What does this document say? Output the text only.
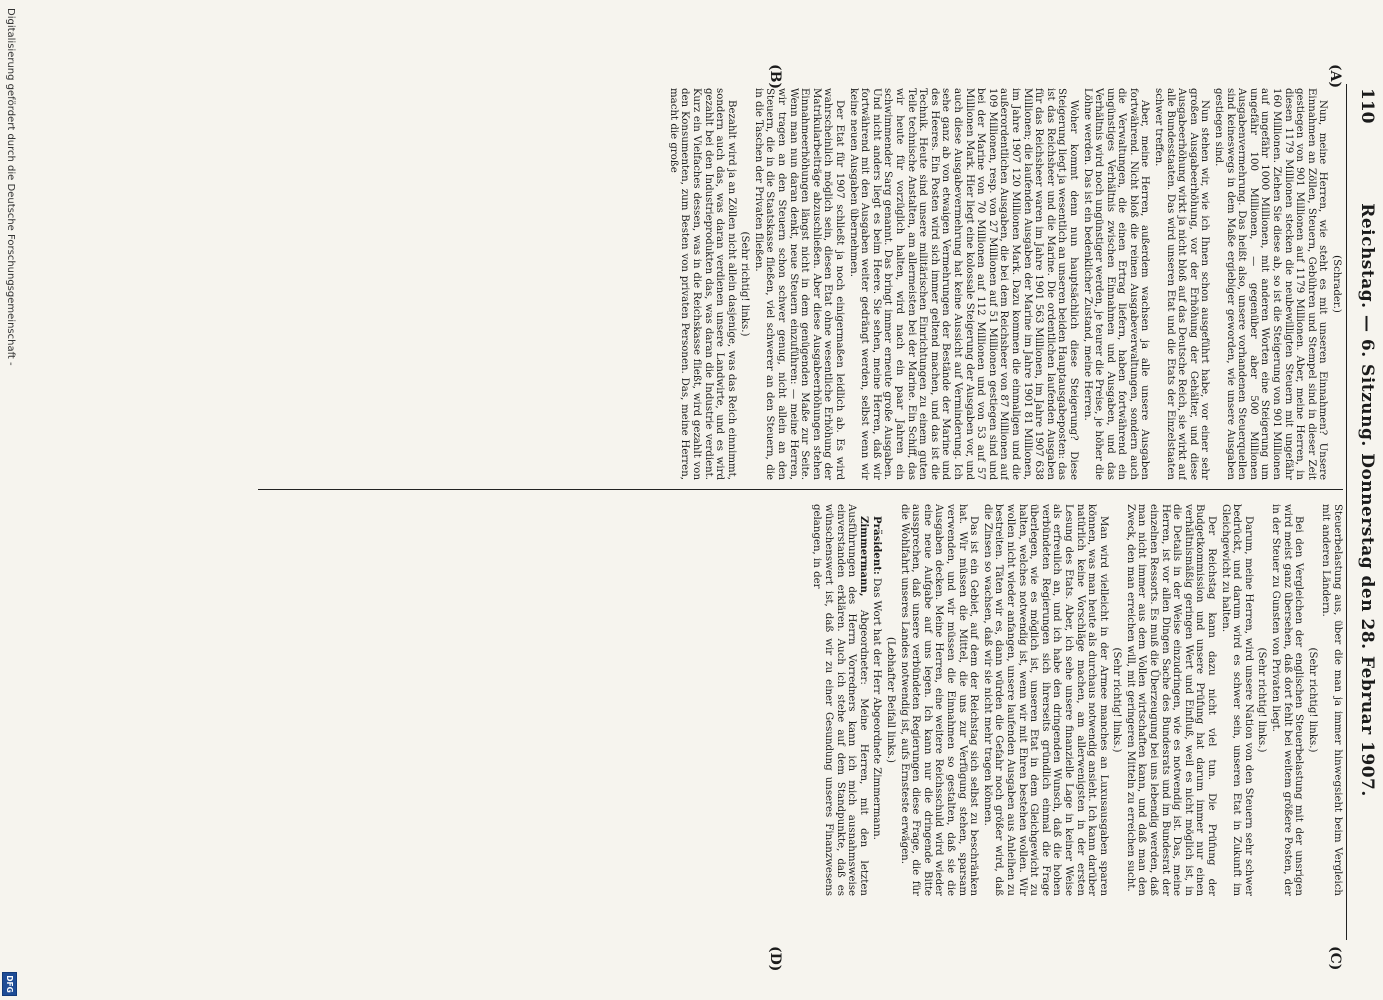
110
Reichstag. — 6. Sitzung. Donnerstag den 28. Februar 1907.
(A)
(B)
(C)
(D)

(Schrader.)

Nun, meine Herren, wie steht es mit unseren Einnahmen? Unsere Einnahmen an Zöllen, Steuern, Gebühren und Stempel sind in dieser Zeit gestiegen von 901 Millionen auf 1179 Millionen. Aber, meine Herren, in diesen 1179 Millionen stecken die neubewilligten Steuern mit ungefähr 160 Millionen. Ziehen Sie diese ab, so ist die Steigerung von 901 Millionen auf ungefähr 1000 Millionen, mit anderen Worten eine Steigerung um ungefähr 100 Millionen, — gegenüber aber 500 Millionen Ausgabenvermehrung. Das heißt also, unsere vorhandenen Steuerquellen sind keineswegs in dem Maße ergiebiger geworden, wie unsere Ausgaben gestiegen sind.

Nun stehen wir, wie ich Ihnen schon ausgeführt habe, vor einer sehr großen Ausgabeerhöhung, vor der Erhöhung der Gehälter, und diese Ausgabeerhöhung wirkt ja nicht bloß auf das Deutsche Reich, sie wirkt auf alle Bundesstaaten. Das wird unseren Etat und die Etats der Einzelstaaten schwer treffen.

Aber, meine Herren, außerdem wachsen ja alle unsere Ausgaben fortwährend. Nicht bloß die reinen Ausgabeverwaltungen, sondern auch die Verwaltungen, die einen Ertrag liefern, haben fortwährend ein ungünstiges Verhältnis zwischen Einnahmen und Ausgaben, und das Verhältnis wird noch ungünstiger werden, je teurer die Preise, je höher die Löhne werden. Das ist ein bedenklicher Zustand, meine Herren.

Woher kommt denn nun hauptsächlich diese Steigerung? Diese Steigerung liegt ja wesentlich an unseren beiden Hauptausgabeposten: das ist das Reichsheer und die Marine. Die ordentlichen laufenden Ausgaben für das Reichsheer waren im Jahre 1901 563 Millionen, im Jahre 1907 638 Millionen; die laufenden Ausgaben der Marine im Jahre 1901 81 Millionen, im Jahre 1907 120 Millionen Mark. Dazu kommen die einmaligen und die außerordentlichen Ausgaben, die bei dem Reichsheer von 87 Millionen auf 109 Millionen, resp. von 27 Millionen auf 51 Millionen gestiegen sind und bei der Marine von 70 Millionen auf 112 Millionen und von 53 auf 57 Millionen Mark. Hier liegt eine kolossale Steigerung der Ausgaben vor, und auch diese Ausgabevermehrung hat keine Aussicht auf Verminderung. Ich sehe ganz ab von etwaigen Vermehrungen der Bestände der Marine und des Heeres. Ein Posten wird sich immer geltend machen, und das ist die Technik. Heute sind unsere militärischen Einrichtungen zu einem guten Teile technische Anstalten, am allermeisten bei der Marine. Ein Schiff, das wir heute für vorzüglich halten, wird nach ein paar Jahren ein schwimmender Sarg genannt. Das bringt immer erneute große Ausgaben. Und nicht anders liegt es beim Heere. Sie sehen, meine Herren, daß wir fortwährend mit den Ausgaben weiter gedrängt werden, selbst wenn wir keine neuen Ausgaben übernehmen.

Der Etat für 1907 schließt ja noch einigermaßen leidlich ab. Es wird wahrscheinlich möglich sein, diesen Etat ohne wesentliche Erhöhung der Matrikularbeiträge abzuschließen. Aber diese Ausgabeerhöhungen stehen Einnahmeerhöhungen längst nicht in dem genügenden Maße zur Seite. Wenn man nun daran denkt, neue Steuern einzuführen: — meine Herren, wir tragen an den Steuern schon schwer genug, nicht allein an den Steuern, die in die Staatskasse fließen, viel schwerer an den Steuern, die in die Taschen der Privaten fließen.

(Sehr richtig! links.)

Bezahlt wird ja an Zöllen nicht allein dasjenige, was das Reich einnimmt, sondern auch das, was daran verdienen unsere Landwirte, und es wird gezahlt bei den Industrieprodukten das, was daran die Industrie verdient. Kurz ein Vielfaches dessen, was in die Reichskasse fließt, wird gezahlt von den Konsumenten, zum Besten von privaten Personen. Das, meine Herren, macht die große

Steuerbelastung aus, über die man ja immer hinwegsieht beim Vergleich mit anderen Ländern.

(Sehr richtig! links.)

Bei den Vergleichen der englischen Steuerbelastung mit der unsrigen wird meist ganz übersehen, daß dort fehlt bei weitem größere Posten, der in der Steuer zu Gunsten von Privaten liegt.

(Sehr richtig! links.)

Darum, meine Herren, wird unsere Nation von den Steuern sehr schwer bedrückt, und darum wird es schwer sein, unseren Etat in Zukunft im Gleichgewicht zu halten.

Der Reichstag kann dazu nicht viel tun. Die Prüfung der Budgetkommission und unsere Prüfung hat darum immer nur einen verhältnismäßig geringen Wert und Einfluß, weil es nicht möglich ist, in die Details in der Weise einzudringen, wie es notwendig ist. Das, meine Herren, ist vor allen Dingen Sache des Bundesrats und im Bundesrat der einzelnen Ressorts. Es muß die Überzeugung bei uns lebendig werden, daß man nicht immer aus dem Vollen wirtschaften kann, und daß man den Zweck, den man erreichen will, mit geringeren Mitteln zu erreichen sucht.

(Sehr richtig! links.)

Man wird vielleicht in der Armee manches an Luxusausgaben sparen können, was man heute als durchaus notwendig ansieht. Ich kann darüber natürlich keine Vorschläge machen, am allerwenigsten in der ersten Lesung des Etats. Aber, ich sehe unsere finanzielle Lage in keiner Weise als erfreulich an, und ich habe den dringenden Wunsch, daß die hohen verbündeten Regierungen sich ihrerseits gründlich einmal die Frage überlegen, wie es möglich ist, unseren Etat in dem Gleichgewicht zu halten, welches notwendig ist, wenn wir mit Ehren bestehen wollen. Wir wollen nicht wieder anfangen, unsere laufenden Ausgaben aus Anleihen zu bestreiten. Täten wir es, dann würden die Gefahr noch größer wird, daß die Zinsen so wachsen, daß wir sie nicht mehr tragen können.

Das ist ein Gebiet, auf dem der Reichstag sich selbst zu beschränken hat. Wir müssen die Mittel, die uns zur Verfügung stehen, sparsam verwenden, und wir müssen die Einnahmen so gestalten, daß sie die Ausgaben decken. Meine Herren, eine weitere Reichsschuld wird wieder eine neue Aufgabe auf uns legen. Ich kann nur die dringende Bitte aussprechen, daß unsere verbündeten Regierungen diese Frage, die für die Wohlfahrt unseres Landes notwendig ist, aufs Ernsteste erwägen.

(Lebhafter Beifall links.)

Präsident: Das Wort hat der Herr Abgeordnete Zimmermann.

Zimmermann, Abgeordneter: Meine Herren, mit den letzten Ausführungen des Herrn Vorredners kann ich mich ausnahmsweise einverstanden erklären. Auch ich stehe auf dem Standpunkte, daß es wünschenswert ist, daß wir zu einer Gesundung unseres Finanzwesens gelangen, in der

Digitalisierung gefördert durch die Deutsche Forschungsgemeinschaft -
DFG
